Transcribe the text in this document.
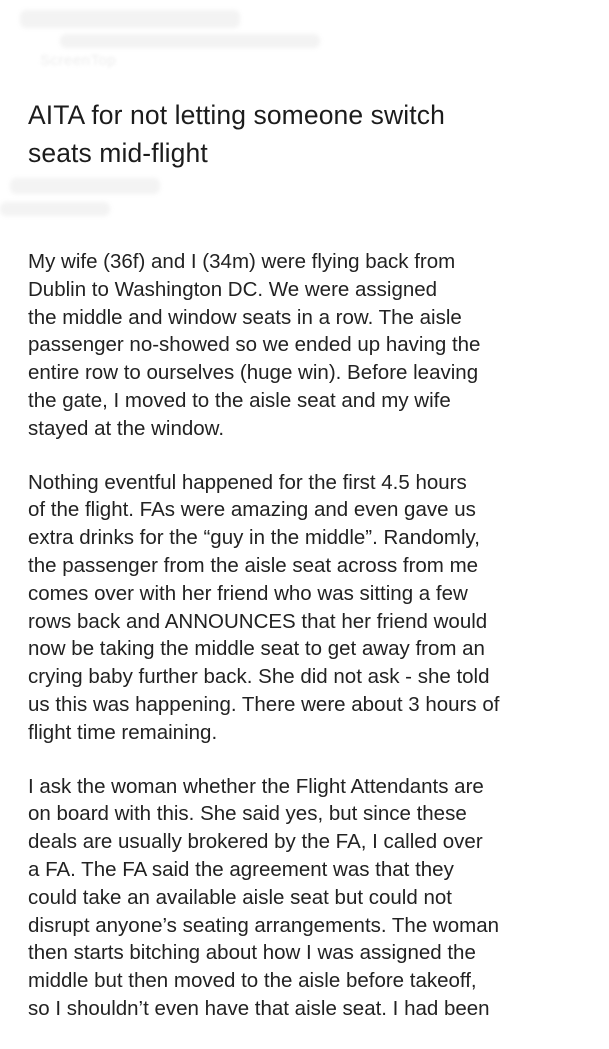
ScreenTop
AITA for not letting someone switch
seats mid-flight

My wife (36f) and I (34m) were flying back from
Dublin to Washington DC. We were assigned
the middle and window seats in a row. The aisle
passenger no-showed so we ended up having the
entire row to ourselves (huge win). Before leaving
the gate, I moved to the aisle seat and my wife
stayed at the window.

Nothing eventful happened for the first 4.5 hours
of the flight. FAs were amazing and even gave us
extra drinks for the “guy in the middle”. Randomly,
the passenger from the aisle seat across from me
comes over with her friend who was sitting a few
rows back and ANNOUNCES that her friend would
now be taking the middle seat to get away from an
crying baby further back. She did not ask - she told
us this was happening. There were about 3 hours of
flight time remaining.

I ask the woman whether the Flight Attendants are
on board with this. She said yes, but since these
deals are usually brokered by the FA, I called over
a FA. The FA said the agreement was that they
could take an available aisle seat but could not
disrupt anyone’s seating arrangements. The woman
then starts bitching about how I was assigned the
middle but then moved to the aisle before takeoff,
so I shouldn’t even have that aisle seat. I had been
